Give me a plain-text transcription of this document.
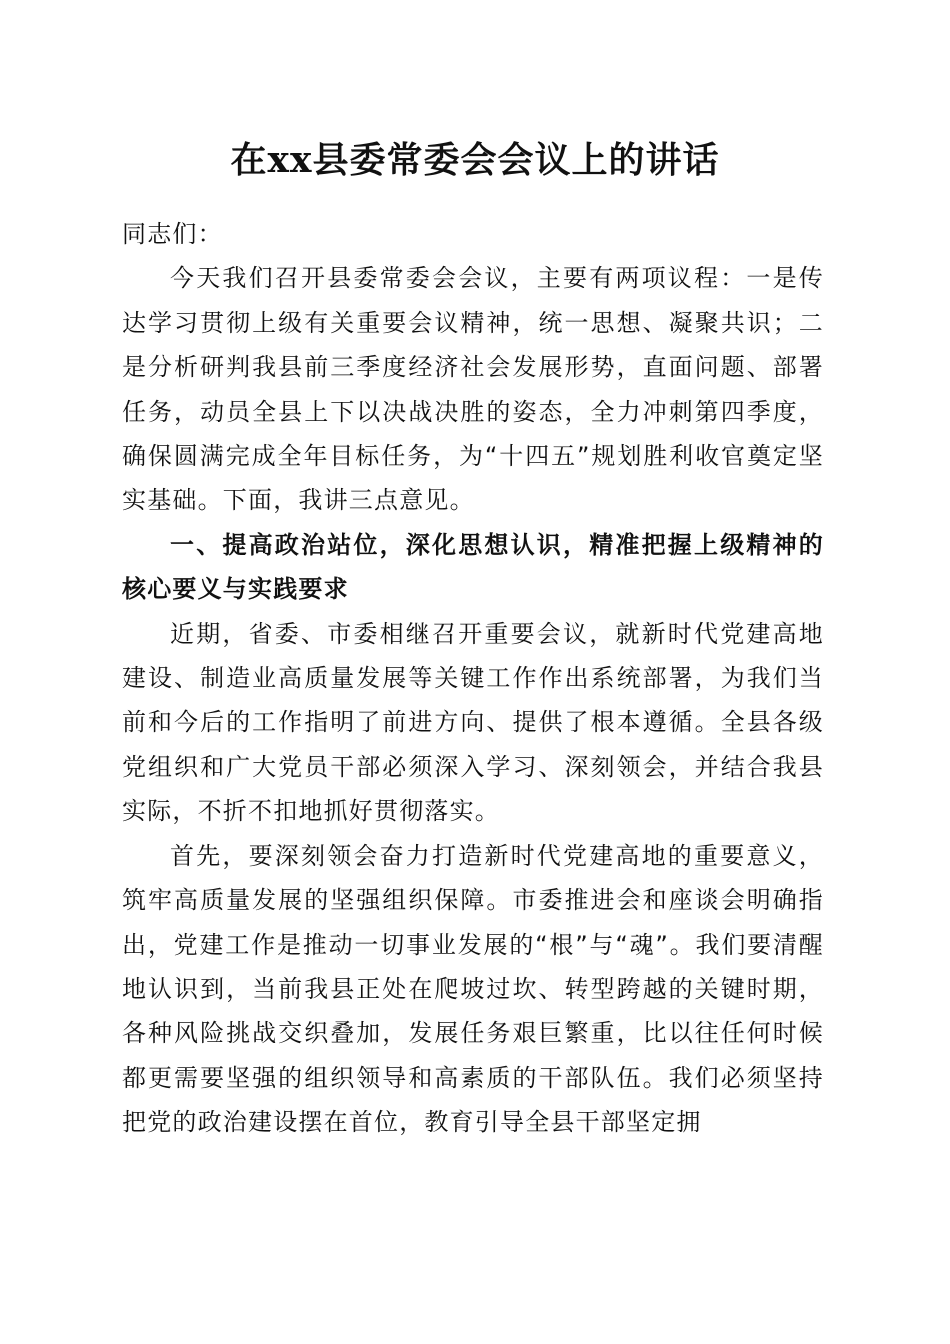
在xx县委常委会会议上的讲话

同志们：

今天我们召开县委常委会会议，主要有两项议程：一是传达学习贯彻上级有关重要会议精神，统一思想、凝聚共识；二是分析研判我县前三季度经济社会发展形势，直面问题、部署任务，动员全县上下以决战决胜的姿态，全力冲刺第四季度，确保圆满完成全年目标任务，为“十四五”规划胜利收官奠定坚实基础。下面，我讲三点意见。

一、提高政治站位，深化思想认识，精准把握上级精神的核心要义与实践要求

近期，省委、市委相继召开重要会议，就新时代党建高地建设、制造业高质量发展等关键工作作出系统部署，为我们当前和今后的工作指明了前进方向、提供了根本遵循。全县各级党组织和广大党员干部必须深入学习、深刻领会，并结合我县实际，不折不扣地抓好贯彻落实。

首先，要深刻领会奋力打造新时代党建高地的重要意义，筑牢高质量发展的坚强组织保障。市委推进会和座谈会明确指出，党建工作是推动一切事业发展的“根”与“魂”。我们要清醒地认识到，当前我县正处在爬坡过坎、转型跨越的关键时期，各种风险挑战交织叠加，发展任务艰巨繁重，比以往任何时候都更需要坚强的组织领导和高素质的干部队伍。我们必须坚持把党的政治建设摆在首位，教育引导全县干部坚定拥
